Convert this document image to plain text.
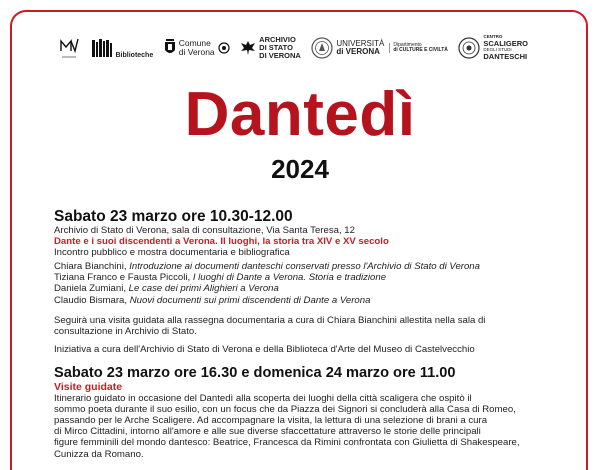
Biblioteche
Comune
di Verona
ARCHIVIO
DI STATO
DI VERONA
UNIVERSITÀ
di VERONA
Dipartimento
di CULTURE E CIVILTÀ
CENTRO
SCALIGERO
DEGLI STUDI
DANTESCHI
Dantedì
2024

Sabato 23 marzo ore 10.30-12.00

Archivio di Stato di Verona, sala di consultazione, Via Santa Teresa, 12

Dante e i suoi discendenti a Verona. Il luoghi, la storia tra XIV e XV secolo

Incontro pubblico e mostra documentaria e bibliografica

Chiara Bianchini, Introduzione ai documenti danteschi conservati presso l'Archivio di Stato di Verona

Tiziana Franco e Fausta Piccoli, I luoghi di Dante a Verona. Storia e tradizione

Daniela Zumiani, Le case dei primi Alighieri a Verona

Claudio Bismara, Nuovi documenti sui primi discendenti di Dante a Verona

Seguirà una visita guidata alla rassegna documentaria a cura di Chiara Bianchini allestita nella sala di

consultazione in Archivio di Stato.

Iniziativa a cura dell'Archivio di Stato di Verona e della Biblioteca d'Arte del Museo di Castelvecchio

Sabato 23 marzo ore 16.30 e domenica 24 marzo ore 11.00

Visite guidate

Itinerario guidato in occasione del Dantedì alla scoperta dei luoghi della città scaligera che ospitò il

sommo poeta durante il suo esilio, con un focus che da Piazza dei Signori si concluderà alla Casa di Romeo,

passando per le Arche Scaligere. Ad accompagnare la visita, la lettura di una selezione di brani a cura

di Mirco Cittadini, intorno all'amore e alle sue diverse sfaccettature attraverso le storie delle principali

figure femminili del mondo dantesco: Beatrice, Francesca da Rimini confrontata con Giulietta di Shakespeare,

Cunizza da Romano.
